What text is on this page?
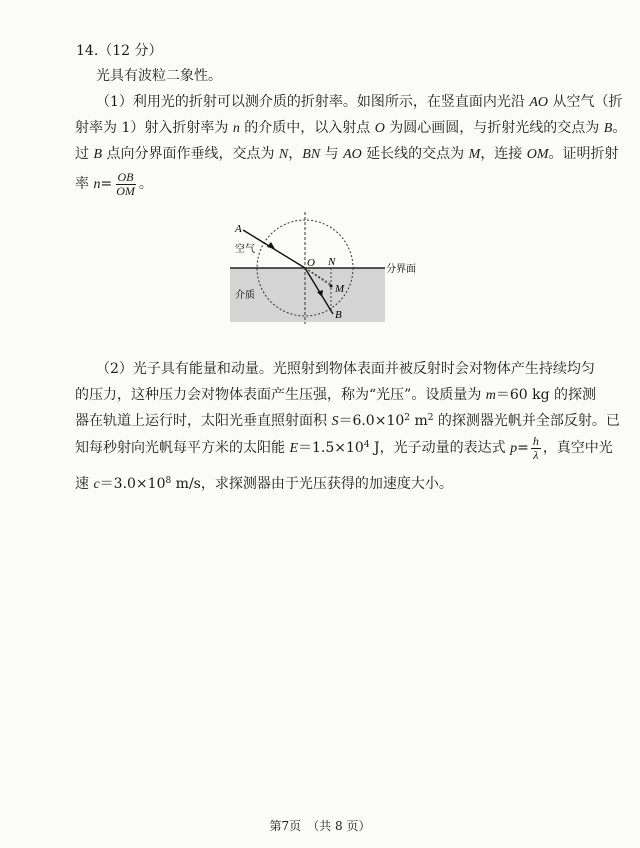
14.（12 分）
光具有波粒二象性。
（1）利用光的折射可以测介质的折射率。如图所示，在竖直面内光沿 AO 从空气（折
射率为 1）射入折射率为 n 的介质中，以入射点 O 为圆心画圆，与折射光线的交点为 B。
过 B 点向分界面作垂线，交点为 N，BN 与 AO 延长线的交点为 M，连接 OM。证明折射
率 $n= \frac{OB}{OM}$ 。
A
空气
O N
分界面
介质
M
B
（2）光子具有能量和动量。光照射到物体表面并被反射时会对物体产生持续均匀
的压力，这种压力会对物体表面产生压强，称为“光压”。设质量为 m＝60 kg 的探测
器在轨道上运行时，太阳光垂直照射面积 $S=6.0\times 10^2$ $m^2$ 的探测器光帆并全部反射。已
知每秒射向光帆每平方米的太阳能 $E=1.5\times 10^4$ J，光子动量的表达式 $p= \frac{h}{\lambda}$ ，真空中光
速 $c=3.0\times 10^8$ m/s，求探测器由于光压获得的加速度大小。
第7页　（共 8 页）
